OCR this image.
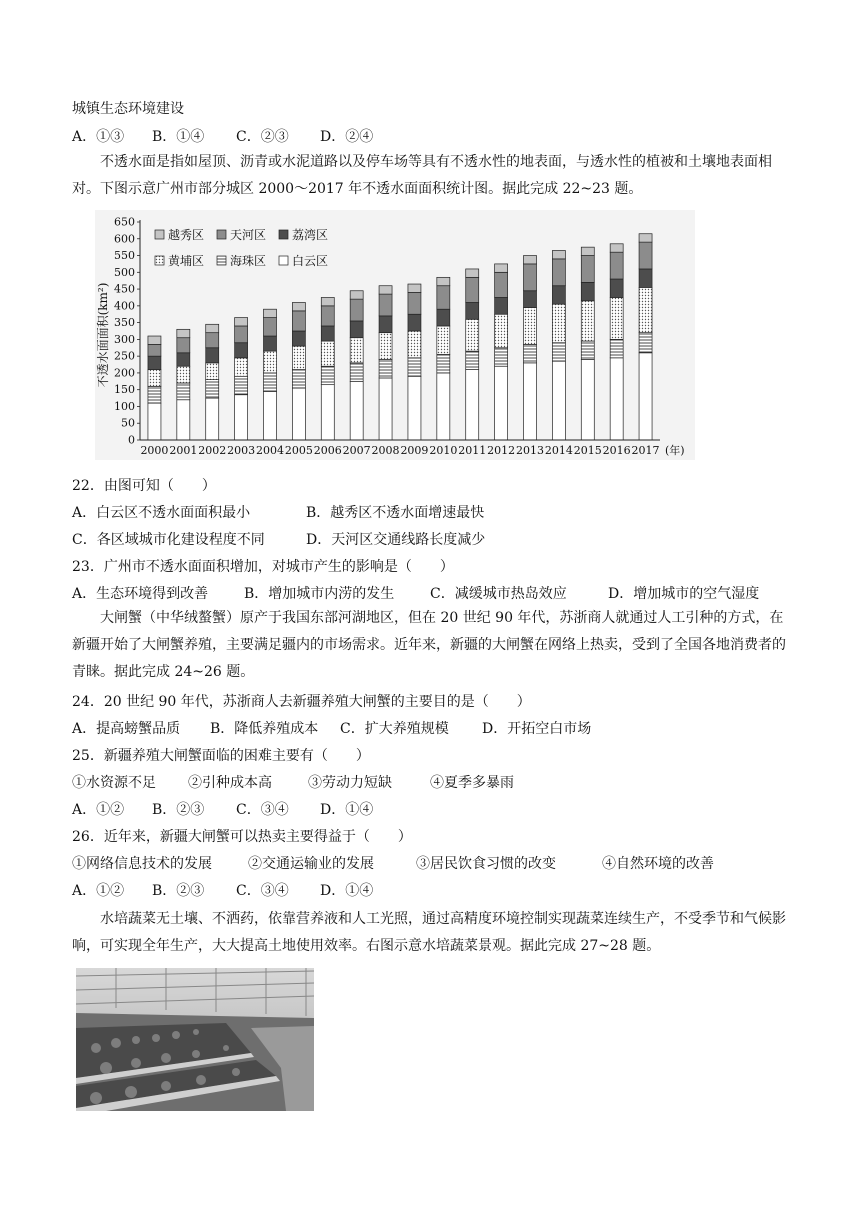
城镇生态环境建设
A．①③ B．①④ C．②③ D．②④
不透水面是指如屋顶、沥青或水泥道路以及停车场等具有不透水性的地表面，与透水性的植被和土壤地表面相对。下图示意广州市部分城区 2000～2017 年不透水面面积统计图。据此完成 22~23 题。
0
50
100
150
200
250
300
350
400
450
500
550
600
650
不透水面面积(km²)
2000 2001 2002 2003 2004 2005 2006 2007 2008 2009 2010 2011 2012 2013 2014 2015 2016 2017 (年)
越秀区 天河区 荔湾区
黄埔区 海珠区 白云区
22．由图可知（　　）
A．白云区不透水面面积最小	B．越秀区不透水面增速最快
C．各区域城市化建设程度不同	D．天河区交通线路长度减少
23．广州市不透水面面积增加，对城市产生的影响是（　　）
A．生态环境得到改善	B．增加城市内涝的发生	C．减缓城市热岛效应	D．增加城市的空气湿度
大闸蟹（中华绒螯蟹）原产于我国东部河湖地区，但在 20 世纪 90 年代，苏浙商人就通过人工引种的方式，在新疆开始了大闸蟹养殖，主要满足疆内的市场需求。近年来，新疆的大闸蟹在网络上热卖，受到了全国各地消费者的青睐。据此完成 24~26 题。
24．20 世纪 90 年代，苏浙商人去新疆养殖大闸蟹的主要目的是（　　）
A．提高螃蟹品质 B．降低养殖成本 C．扩大养殖规模 D．开拓空白市场
25．新疆养殖大闸蟹面临的困难主要有（　　）
①水资源不足 ②引种成本高	③劳动力短缺	④夏季多暴雨
A．①② B．②③ C．③④ D．①④
26．近年来，新疆大闸蟹可以热卖主要得益于（　　）
①网络信息技术的发展	②交通运输业的发展	③居民饮食习惯的改变	④自然环境的改善
A．①② B．②③ C．③④ D．①④
水培蔬菜无土壤、不洒药，依靠营养液和人工光照，通过高精度环境控制实现蔬菜连续生产，不受季节和气候影响，可实现全年生产，大大提高土地使用效率。右图示意水培蔬菜景观。据此完成 27~28 题。
